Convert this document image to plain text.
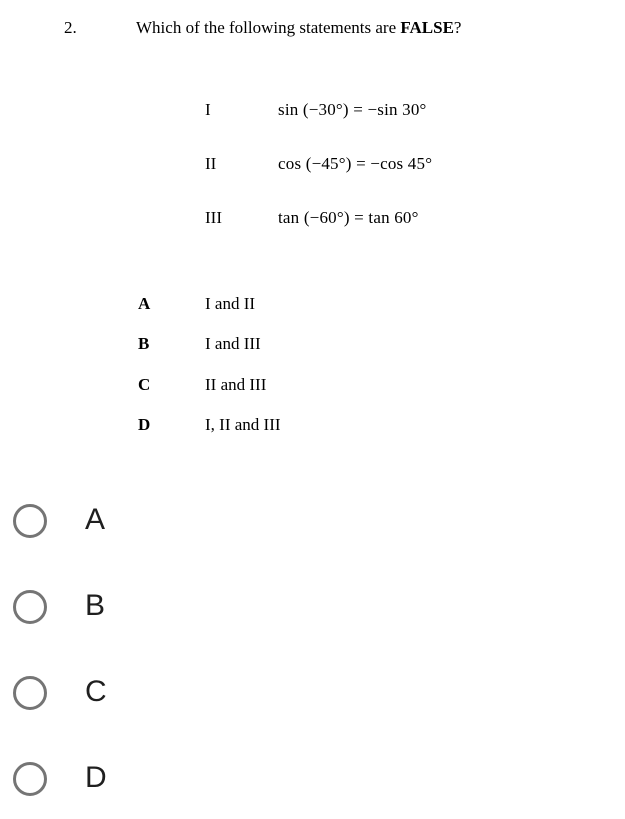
2.	Which of the following statements are FALSE?
I	sin (−30°) = −sin 30°
II	cos (−45°) = −cos 45°
III	tan (−60°) = tan 60°
A	I and II
B	I and III
C	II and III
D	I, II and III
A
B
C
D
